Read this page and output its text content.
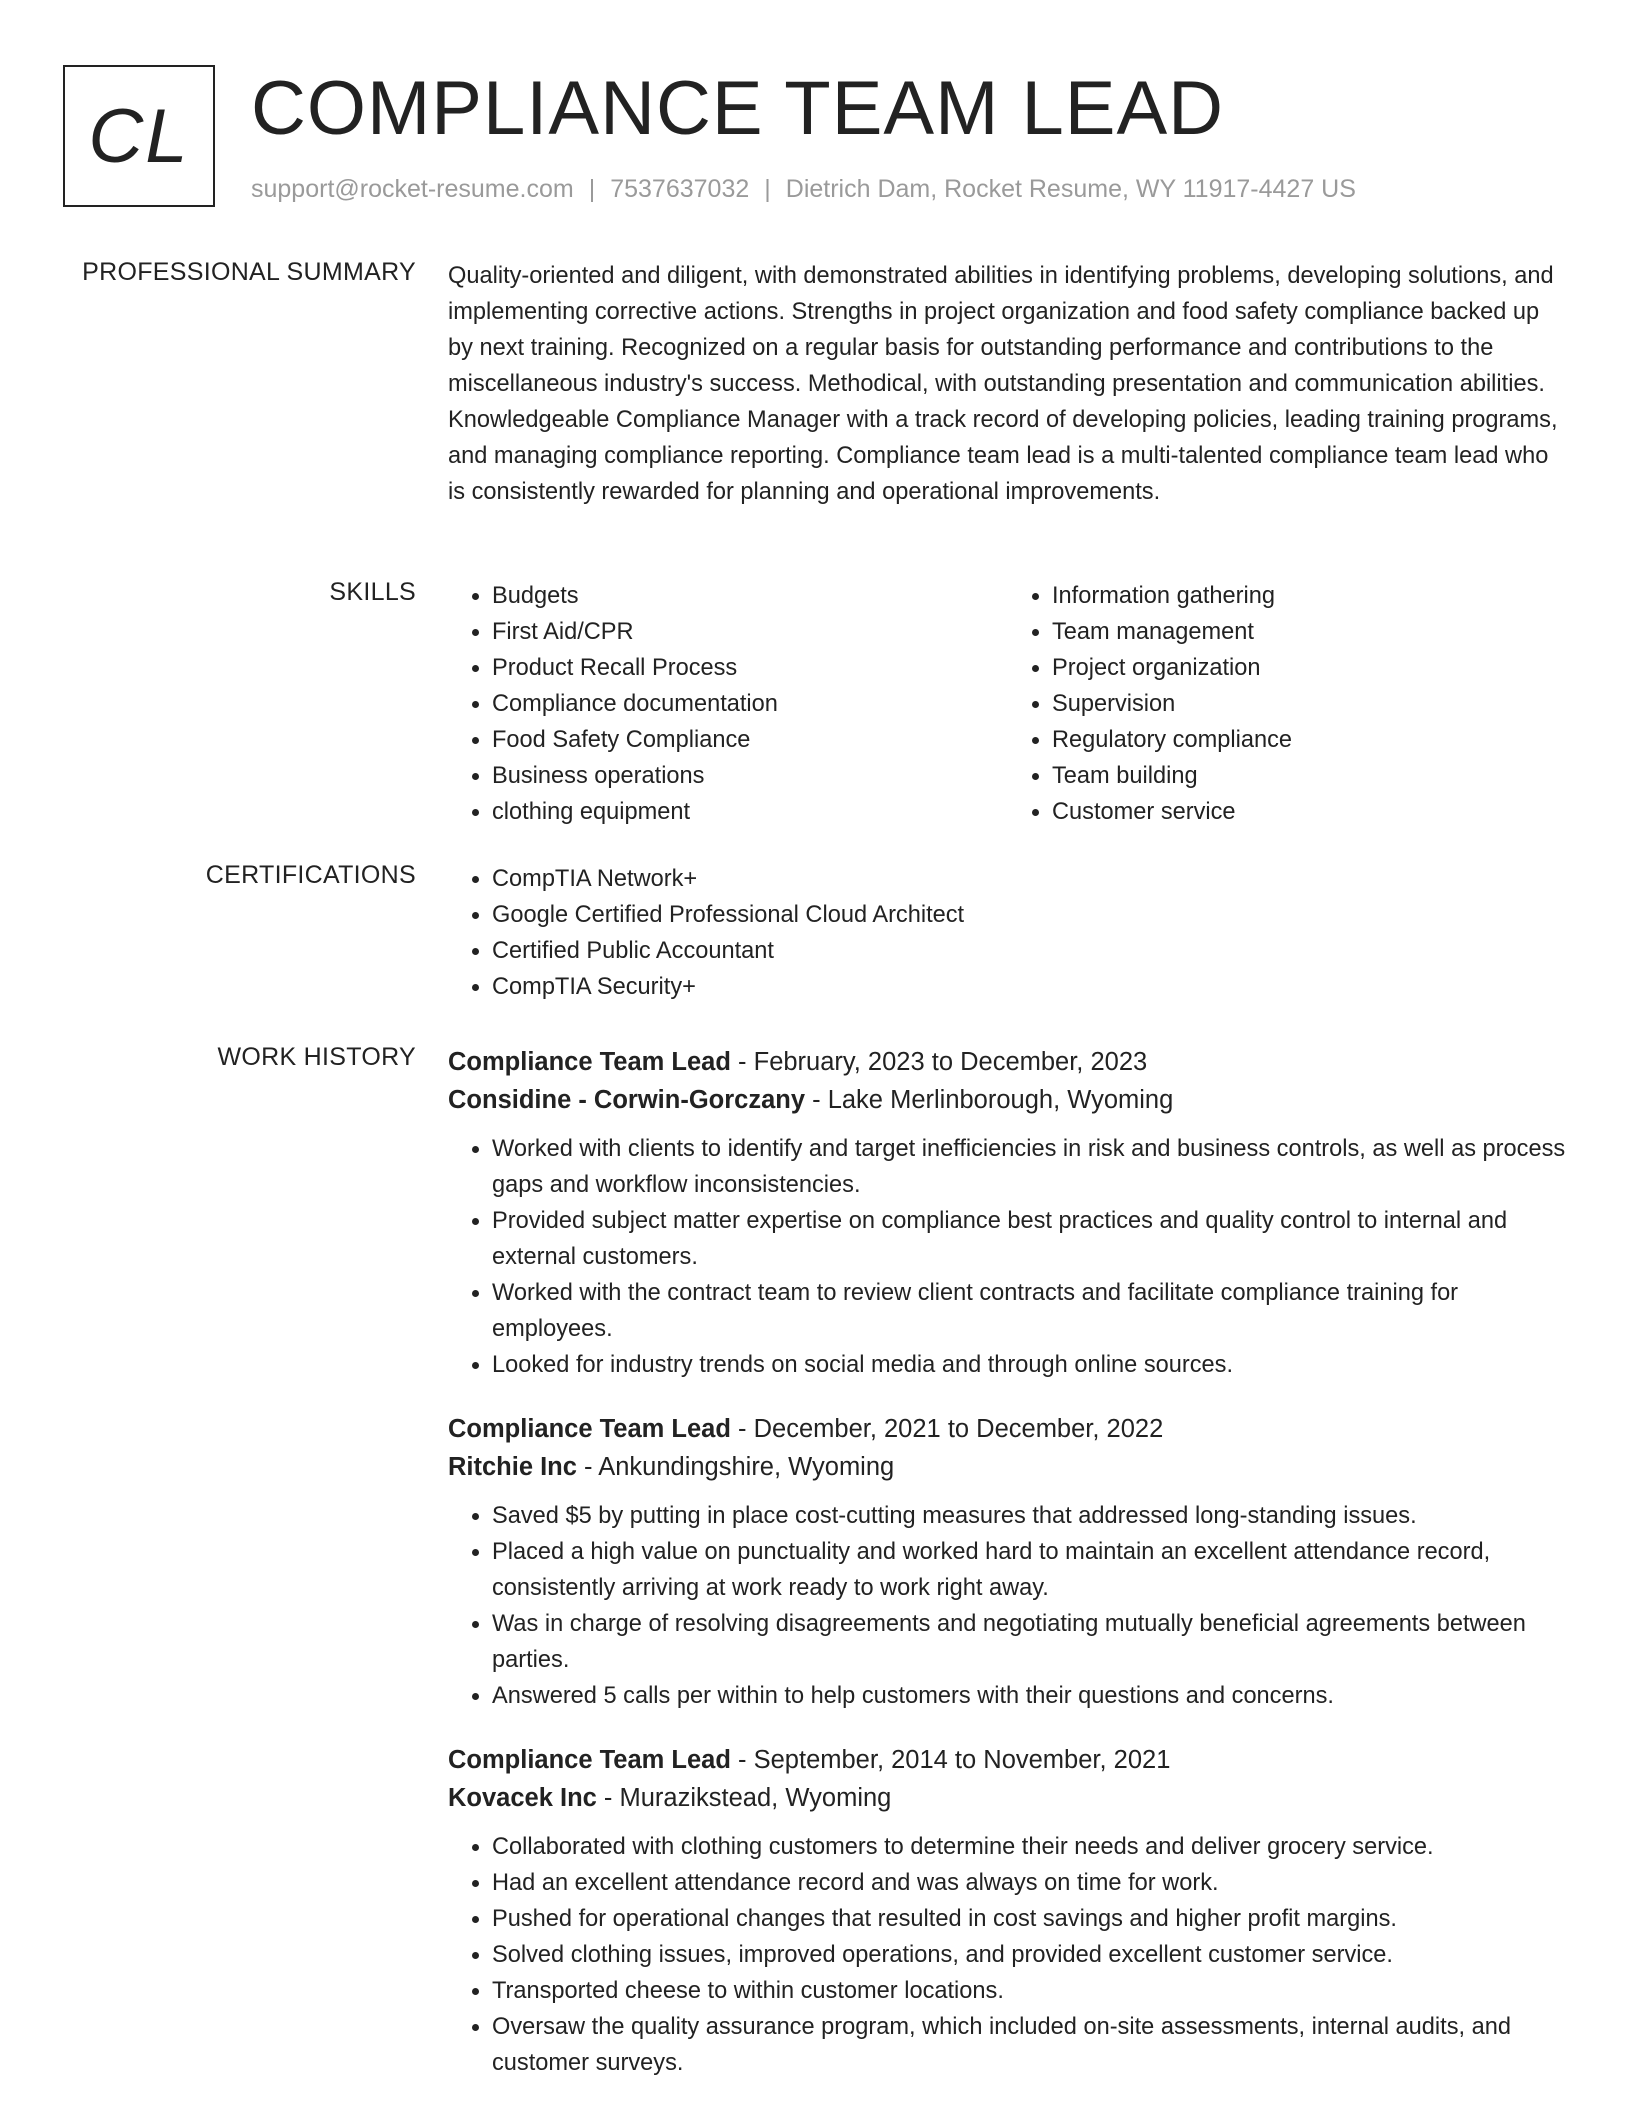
CL COMPLIANCE TEAM LEAD
support@rocket-resume.com | 7537637032 | Dietrich Dam, Rocket Resume, WY 11917-4427 US
PROFESSIONAL SUMMARY Quality-oriented and diligent, with demonstrated abilities in identifying problems, developing solutions, and implementing corrective actions. Strengths in project organization and food safety compliance backed up by next training. Recognized on a regular basis for outstanding performance and contributions to the miscellaneous industry's success. Methodical, with outstanding presentation and communication abilities. Knowledgeable Compliance Manager with a track record of developing policies, leading training programs, and managing compliance reporting. Compliance team lead is a multi-talented compliance team lead who is consistently rewarded for planning and operational improvements.
SKILLS	• Budgets
• First Aid/CPR
• Product Recall Process
• Compliance documentation
• Food Safety Compliance
• Business operations
• clothing equipment
• Information gathering
• Team management
• Project organization
• Supervision
• Regulatory compliance
• Team building
• Customer service
CERTIFICATIONS	• CompTIA Network+
• Google Certified Professional Cloud Architect
• Certified Public Accountant
• CompTIA Security+
WORK HISTORY Compliance Team Lead - February, 2023 to December, 2023
Considine - Corwin-Gorczany - Lake Merlinborough, Wyoming
• Worked with clients to identify and target inefficiencies in risk and business controls, as well as process gaps and workflow inconsistencies.
• Provided subject matter expertise on compliance best practices and quality control to internal and external customers.
• Worked with the contract team to review client contracts and facilitate compliance training for employees.
• Looked for industry trends on social media and through online sources.
Compliance Team Lead - December, 2021 to December, 2022
Ritchie Inc - Ankundingshire, Wyoming
• Saved $5 by putting in place cost-cutting measures that addressed long-standing issues.
• Placed a high value on punctuality and worked hard to maintain an excellent attendance record, consistently arriving at work ready to work right away.
• Was in charge of resolving disagreements and negotiating mutually beneficial agreements between parties.
• Answered 5 calls per within to help customers with their questions and concerns.
Compliance Team Lead - September, 2014 to November, 2021
Kovacek Inc - Murazikstead, Wyoming
• Collaborated with clothing customers to determine their needs and deliver grocery service.
• Had an excellent attendance record and was always on time for work.
• Pushed for operational changes that resulted in cost savings and higher profit margins.
• Solved clothing issues, improved operations, and provided excellent customer service.
• Transported cheese to within customer locations.
• Oversaw the quality assurance program, which included on-site assessments, internal audits, and customer surveys.
